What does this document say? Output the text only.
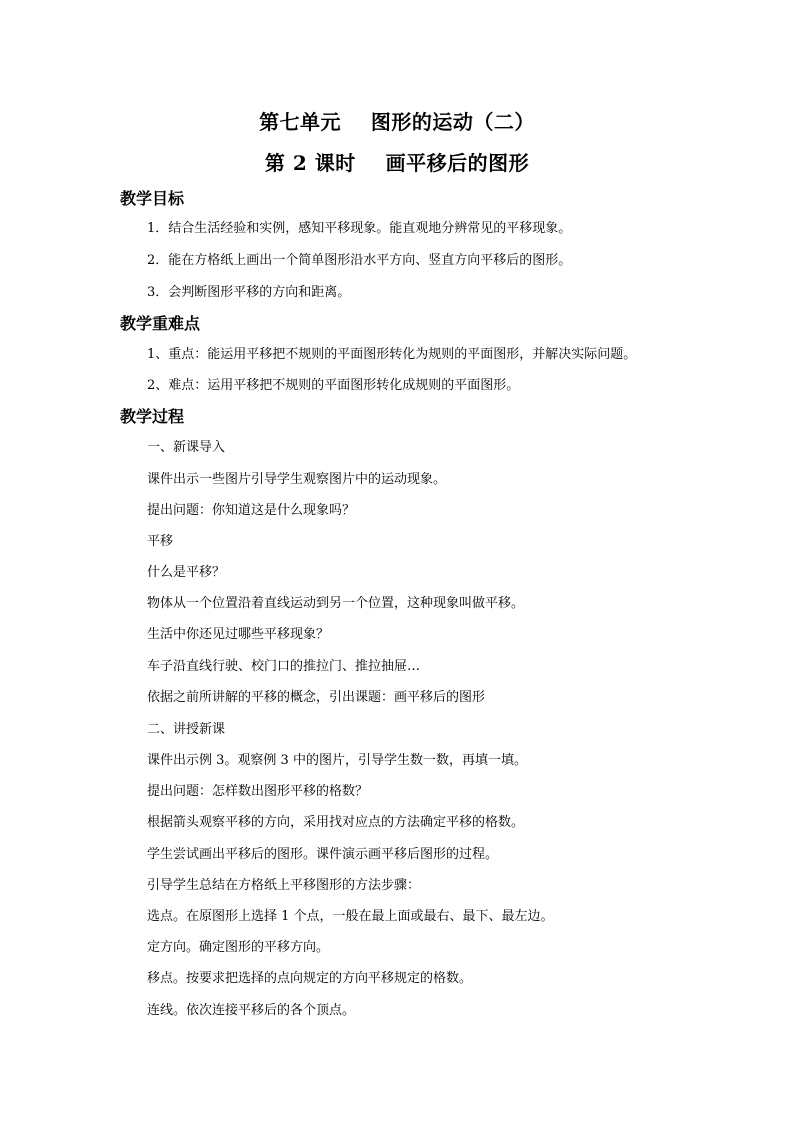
第七单元    图形的运动（二）
第 2 课时    画平移后的图形
教学目标
1．结合生活经验和实例，感知平移现象。能直观地分辨常见的平移现象。
2．能在方格纸上画出一个简单图形沿水平方向、竖直方向平移后的图形。
3．会判断图形平移的方向和距离。
教学重难点
1、重点：能运用平移把不规则的平面图形转化为规则的平面图形，并解决实际问题。
2、难点：运用平移把不规则的平面图形转化成规则的平面图形。
教学过程
一、新课导入
课件出示一些图片引导学生观察图片中的运动现象。
提出问题：你知道这是什么现象吗？
平移
什么是平移？
物体从一个位置沿着直线运动到另一个位置，这种现象叫做平移。
生活中你还见过哪些平移现象？
车子沿直线行驶、校门口的推拉门、推拉抽屉…
依据之前所讲解的平移的概念，引出课题：画平移后的图形
二、讲授新课
课件出示例 3。观察例 3 中的图片，引导学生数一数，再填一填。
提出问题：怎样数出图形平移的格数？
根据箭头观察平移的方向，采用找对应点的方法确定平移的格数。
学生尝试画出平移后的图形。课件演示画平移后图形的过程。
引导学生总结在方格纸上平移图形的方法步骤：
选点。在原图形上选择 1 个点，一般在最上面或最右、最下、最左边。
定方向。确定图形的平移方向。
移点。按要求把选择的点向规定的方向平移规定的格数。
连线。依次连接平移后的各个顶点。
